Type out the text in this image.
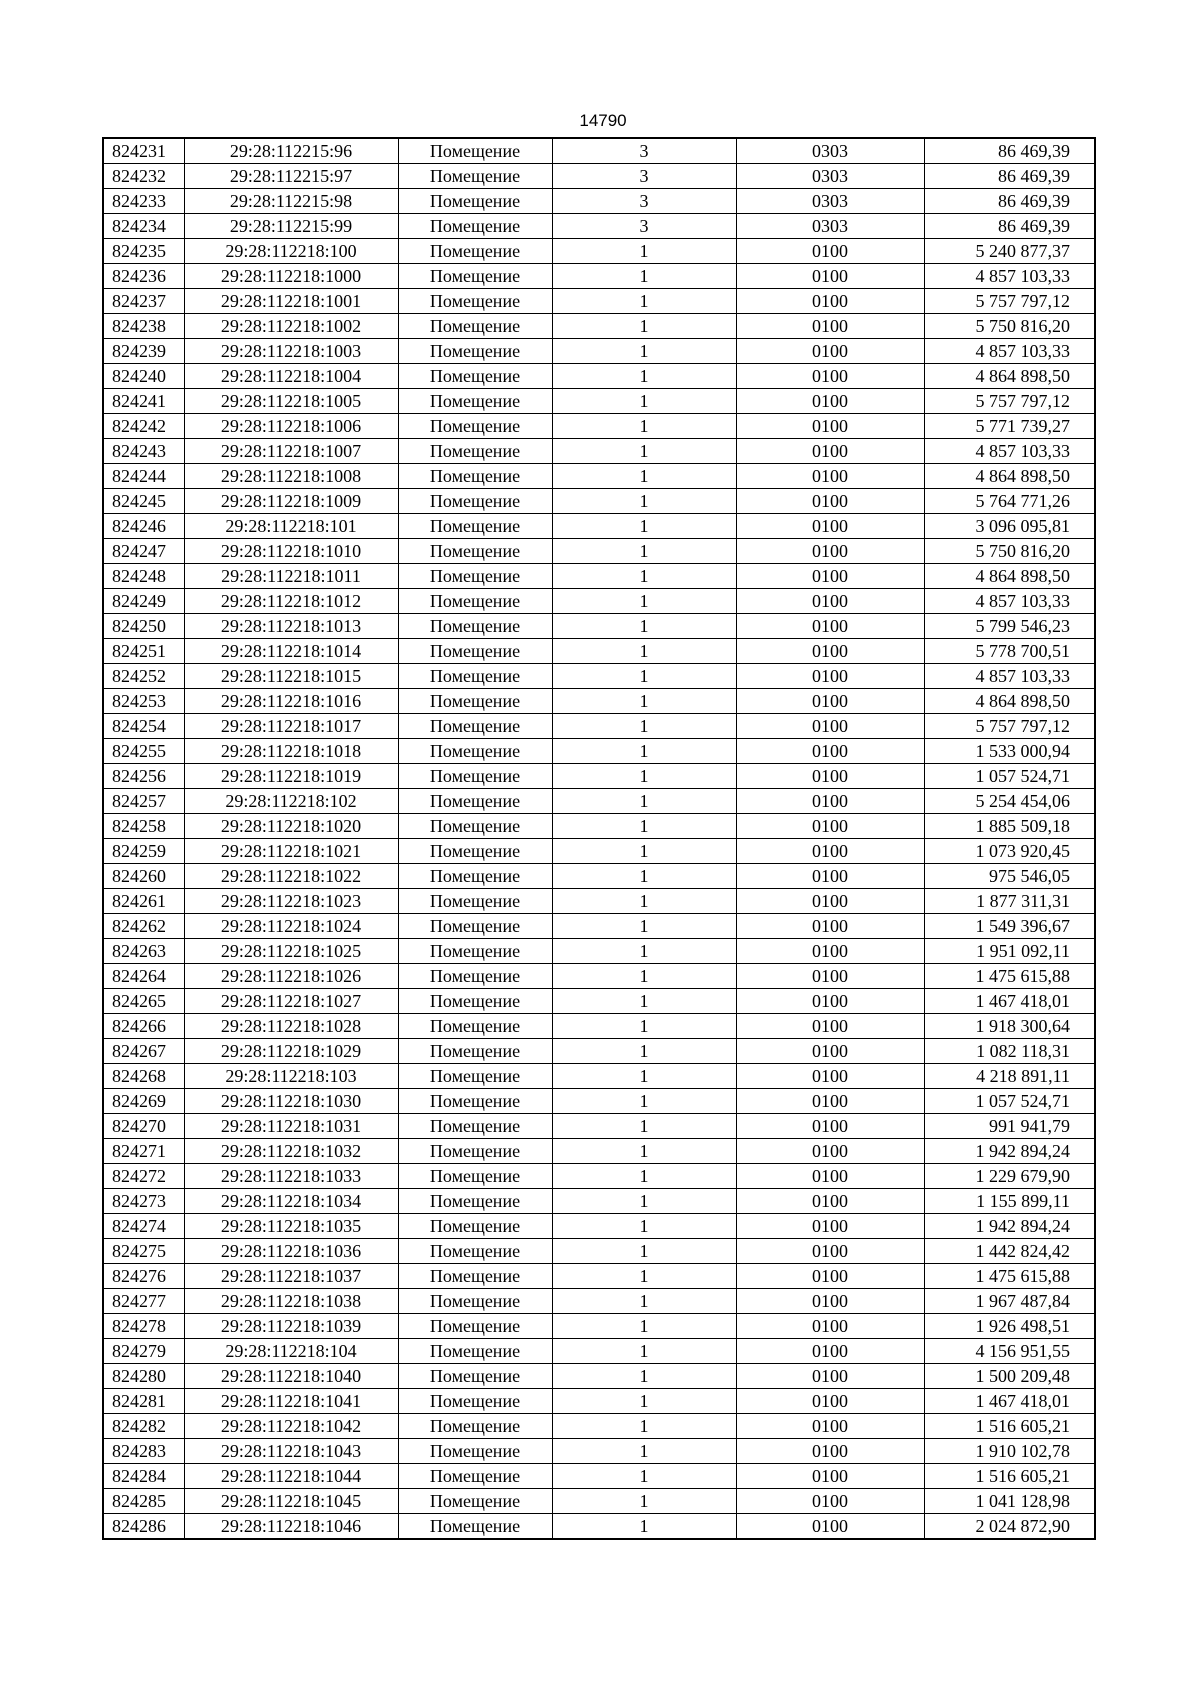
14790
824231	29:28:112215:96	Помещение	3	0303	86 469,39
824232	29:28:112215:97	Помещение	3	0303	86 469,39
824233	29:28:112215:98	Помещение	3	0303	86 469,39
824234	29:28:112215:99	Помещение	3	0303	86 469,39
824235	29:28:112218:100	Помещение	1	0100	5 240 877,37
824236	29:28:112218:1000	Помещение	1	0100	4 857 103,33
824237	29:28:112218:1001	Помещение	1	0100	5 757 797,12
824238	29:28:112218:1002	Помещение	1	0100	5 750 816,20
824239	29:28:112218:1003	Помещение	1	0100	4 857 103,33
824240	29:28:112218:1004	Помещение	1	0100	4 864 898,50
824241	29:28:112218:1005	Помещение	1	0100	5 757 797,12
824242	29:28:112218:1006	Помещение	1	0100	5 771 739,27
824243	29:28:112218:1007	Помещение	1	0100	4 857 103,33
824244	29:28:112218:1008	Помещение	1	0100	4 864 898,50
824245	29:28:112218:1009	Помещение	1	0100	5 764 771,26
824246	29:28:112218:101	Помещение	1	0100	3 096 095,81
824247	29:28:112218:1010	Помещение	1	0100	5 750 816,20
824248	29:28:112218:1011	Помещение	1	0100	4 864 898,50
824249	29:28:112218:1012	Помещение	1	0100	4 857 103,33
824250	29:28:112218:1013	Помещение	1	0100	5 799 546,23
824251	29:28:112218:1014	Помещение	1	0100	5 778 700,51
824252	29:28:112218:1015	Помещение	1	0100	4 857 103,33
824253	29:28:112218:1016	Помещение	1	0100	4 864 898,50
824254	29:28:112218:1017	Помещение	1	0100	5 757 797,12
824255	29:28:112218:1018	Помещение	1	0100	1 533 000,94
824256	29:28:112218:1019	Помещение	1	0100	1 057 524,71
824257	29:28:112218:102	Помещение	1	0100	5 254 454,06
824258	29:28:112218:1020	Помещение	1	0100	1 885 509,18
824259	29:28:112218:1021	Помещение	1	0100	1 073 920,45
824260	29:28:112218:1022	Помещение	1	0100	975 546,05
824261	29:28:112218:1023	Помещение	1	0100	1 877 311,31
824262	29:28:112218:1024	Помещение	1	0100	1 549 396,67
824263	29:28:112218:1025	Помещение	1	0100	1 951 092,11
824264	29:28:112218:1026	Помещение	1	0100	1 475 615,88
824265	29:28:112218:1027	Помещение	1	0100	1 467 418,01
824266	29:28:112218:1028	Помещение	1	0100	1 918 300,64
824267	29:28:112218:1029	Помещение	1	0100	1 082 118,31
824268	29:28:112218:103	Помещение	1	0100	4 218 891,11
824269	29:28:112218:1030	Помещение	1	0100	1 057 524,71
824270	29:28:112218:1031	Помещение	1	0100	991 941,79
824271	29:28:112218:1032	Помещение	1	0100	1 942 894,24
824272	29:28:112218:1033	Помещение	1	0100	1 229 679,90
824273	29:28:112218:1034	Помещение	1	0100	1 155 899,11
824274	29:28:112218:1035	Помещение	1	0100	1 942 894,24
824275	29:28:112218:1036	Помещение	1	0100	1 442 824,42
824276	29:28:112218:1037	Помещение	1	0100	1 475 615,88
824277	29:28:112218:1038	Помещение	1	0100	1 967 487,84
824278	29:28:112218:1039	Помещение	1	0100	1 926 498,51
824279	29:28:112218:104	Помещение	1	0100	4 156 951,55
824280	29:28:112218:1040	Помещение	1	0100	1 500 209,48
824281	29:28:112218:1041	Помещение	1	0100	1 467 418,01
824282	29:28:112218:1042	Помещение	1	0100	1 516 605,21
824283	29:28:112218:1043	Помещение	1	0100	1 910 102,78
824284	29:28:112218:1044	Помещение	1	0100	1 516 605,21
824285	29:28:112218:1045	Помещение	1	0100	1 041 128,98
824286	29:28:112218:1046	Помещение	1	0100	2 024 872,90
